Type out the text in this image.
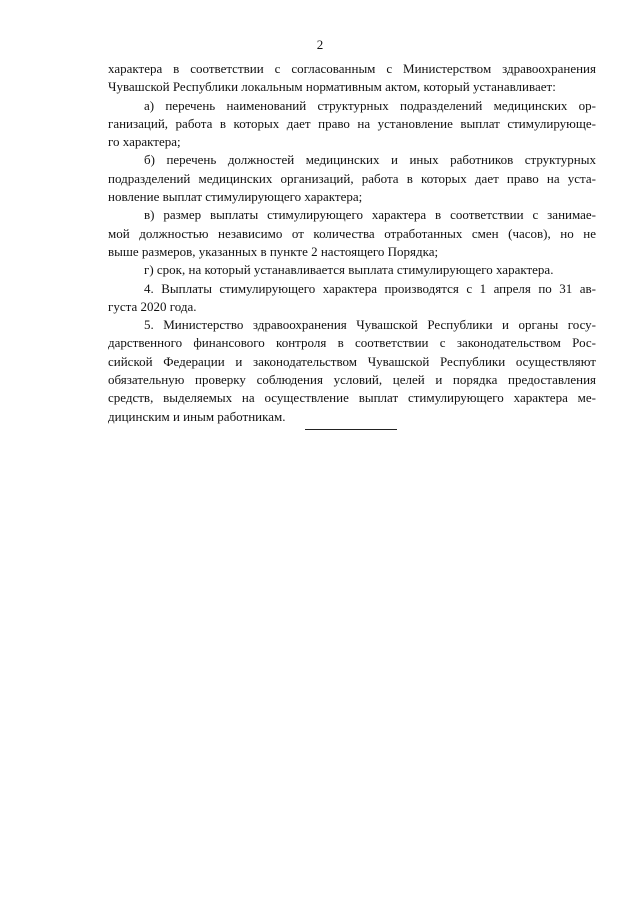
2
характера в соответствии с согласованным с Министерством здравоохранения
Чувашской Республики локальным нормативным актом, который устанавливает:
а) перечень наименований структурных подразделений медицинских ор-
ганизаций, работа в которых дает право на установление выплат стимулирующе-
го характера;
б) перечень должностей медицинских и иных работников структурных
подразделений медицинских организаций, работа в которых дает право на уста-
новление выплат стимулирующего характера;
в) размер выплаты стимулирующего характера в соответствии с занимае-
мой должностью независимо от количества отработанных смен (часов), но не
выше размеров, указанных в пункте 2 настоящего Порядка;
г) срок, на который устанавливается выплата стимулирующего характера.
4. Выплаты стимулирующего характера производятся с 1 апреля по 31 ав-
густа 2020 года.
5. Министерство здравоохранения Чувашской Республики и органы госу-
дарственного финансового контроля в соответствии с законодательством Рос-
сийской Федерации и законодательством Чувашской Республики осуществляют
обязательную проверку соблюдения условий, целей и порядка предоставления
средств, выделяемых на осуществление выплат стимулирующего характера ме-
дицинским и иным работникам.
